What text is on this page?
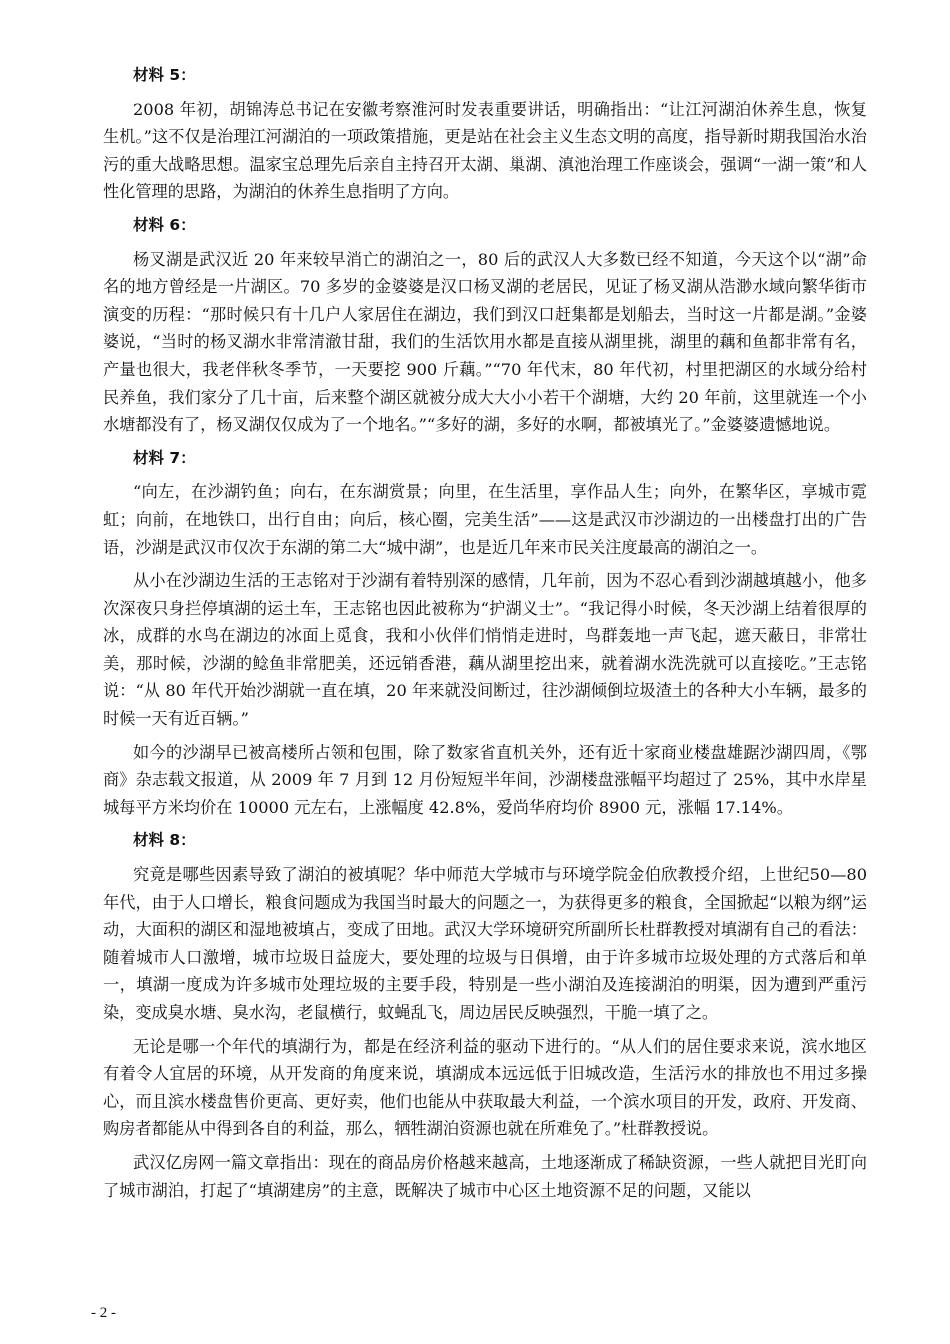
材料 5：

2008 年初，胡锦涛总书记在安徽考察淮河时发表重要讲话，明确指出：“让江河湖泊休养生息，恢复生机。”这不仅是治理江河湖泊的一项政策措施，更是站在社会主义生态文明的高度，指导新时期我国治水治污的重大战略思想。温家宝总理先后亲自主持召开太湖、巢湖、滇池治理工作座谈会，强调“一湖一策”和人性化管理的思路，为湖泊的休养生息指明了方向。

材料 6：

杨叉湖是武汉近 20 年来较早消亡的湖泊之一，80 后的武汉人大多数已经不知道，今天这个以“湖”命名的地方曾经是一片湖区。70 多岁的金婆婆是汉口杨叉湖的老居民，见证了杨叉湖从浩渺水域向繁华街市演变的历程：“那时候只有十几户人家居住在湖边，我们到汉口赶集都是划船去，当时这一片都是湖。”金婆婆说，“当时的杨叉湖水非常清澈甘甜，我们的生活饮用水都是直接从湖里挑，湖里的藕和鱼都非常有名，产量也很大，我老伴秋冬季节，一天要挖 900 斤藕。”“70 年代末，80 年代初，村里把湖区的水域分给村民养鱼，我们家分了几十亩，后来整个湖区就被分成大大小小若干个湖塘，大约 20 年前，这里就连一个小水塘都没有了，杨叉湖仅仅成为了一个地名。”“多好的湖，多好的水啊，都被填光了。”金婆婆遗憾地说。

材料 7：

“向左，在沙湖钓鱼；向右，在东湖赏景；向里，在生活里，享作品人生；向外，在繁华区，享城市霓虹；向前，在地铁口，出行自由；向后，核心圈，完美生活”——这是武汉市沙湖边的一出楼盘打出的广告语，沙湖是武汉市仅次于东湖的第二大“城中湖”，也是近几年来市民关注度最高的湖泊之一。

从小在沙湖边生活的王志铭对于沙湖有着特别深的感情，几年前，因为不忍心看到沙湖越填越小，他多次深夜只身拦停填湖的运土车，王志铭也因此被称为“护湖义士”。“我记得小时候，冬天沙湖上结着很厚的冰，成群的水鸟在湖边的冰面上觅食，我和小伙伴们悄悄走进时，鸟群轰地一声飞起，遮天蔽日，非常壮美，那时候，沙湖的鲶鱼非常肥美，还远销香港，藕从湖里挖出来，就着湖水洗洗就可以直接吃。”王志铭说：“从 80 年代开始沙湖就一直在填，20 年来就没间断过，往沙湖倾倒垃圾渣土的各种大小车辆，最多的时候一天有近百辆。”

如今的沙湖早已被高楼所占领和包围，除了数家省直机关外，还有近十家商业楼盘雄踞沙湖四周，《鄂商》杂志载文报道，从 2009 年 7 月到 12 月份短短半年间，沙湖楼盘涨幅平均超过了 25%，其中水岸星城每平方米均价在 10000 元左右，上涨幅度 42.8%，爱尚华府均价 8900 元，涨幅 17.14%。

材料 8：

究竟是哪些因素导致了湖泊的被填呢？华中师范大学城市与环境学院金伯欣教授介绍，上世纪50—80 年代，由于人口增长，粮食问题成为我国当时最大的问题之一，为获得更多的粮食，全国掀起“以粮为纲”运动，大面积的湖区和湿地被填占，变成了田地。武汉大学环境研究所副所长杜群教授对填湖有自己的看法：随着城市人口激增，城市垃圾日益庞大，要处理的垃圾与日俱增，由于许多城市垃圾处理的方式落后和单一，填湖一度成为许多城市处理垃圾的主要手段，特别是一些小湖泊及连接湖泊的明渠，因为遭到严重污染，变成臭水塘、臭水沟，老鼠横行，蚊蝇乱飞，周边居民反映强烈，干脆一填了之。

无论是哪一个年代的填湖行为，都是在经济利益的驱动下进行的。“从人们的居住要求来说，滨水地区有着令人宜居的环境，从开发商的角度来说，填湖成本远远低于旧城改造，生活污水的排放也不用过多操心，而且滨水楼盘售价更高、更好卖，他们也能从中获取最大利益，一个滨水项目的开发，政府、开发商、购房者都能从中得到各自的利益，那么，牺牲湖泊资源也就在所难免了。”杜群教授说。

武汉亿房网一篇文章指出：现在的商品房价格越来越高，土地逐渐成了稀缺资源，一些人就把目光盯向了城市湖泊，打起了“填湖建房”的主意，既解决了城市中心区土地资源不足的问题，又能以

- 2 -
